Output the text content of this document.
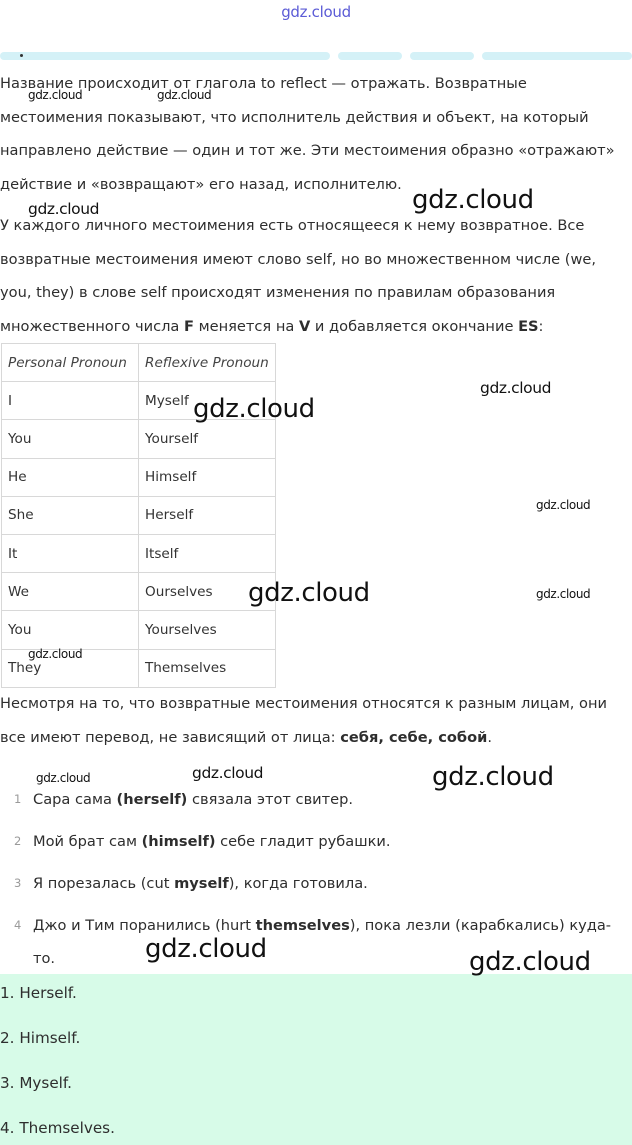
gdz.cloud

Название происходит от глагола to reflect — отражать. Возвратные местоимения показывают, что исполнитель действия и объект, на который направлено действие — один и тот же. Эти местоимения образно «отражают» действие и «возвращают» его назад, исполнителю.

У каждого личного местоимения есть относящееся к нему возвратное. Все возвратные местоимения имеют слово self, но во множественном числе (we, you, they) в слове self происходят изменения по правилам образования множественного числа F меняется на V и добавляется окончание ES:

Personal Pronoun	Reflexive Pronoun
I	Myself
You	Yourself
He	Himself
She	Herself
It	Itself
We	Ourselves
You	Yourselves
They	Themselves

Несмотря на то, что возвратные местоимения относятся к разным лицам, они все имеют перевод, не зависящий от лица: себя, себе, собой.

1 Сара сама (herself) связала этот свитер.
2 Мой брат сам (himself) себе гладит рубашки.
3 Я порезалась (cut myself), когда готовила.
4 Джо и Тим поранились (hurt themselves), пока лезли (карабкались) куда-то.
1. Herself.
2. Himself.
3. Myself.
4. Themselves.
gdz.cloud	gdz.cloud
gdz.cloud	gdz.cloud
gdz.cloud
gdz.cloud
gdz.cloud
gdz.cloud	gdz.cloud
gdz.cloud
gdz.cloud	gdz.cloud	gdz.cloud
gdz.cloud	gdz.cloud
